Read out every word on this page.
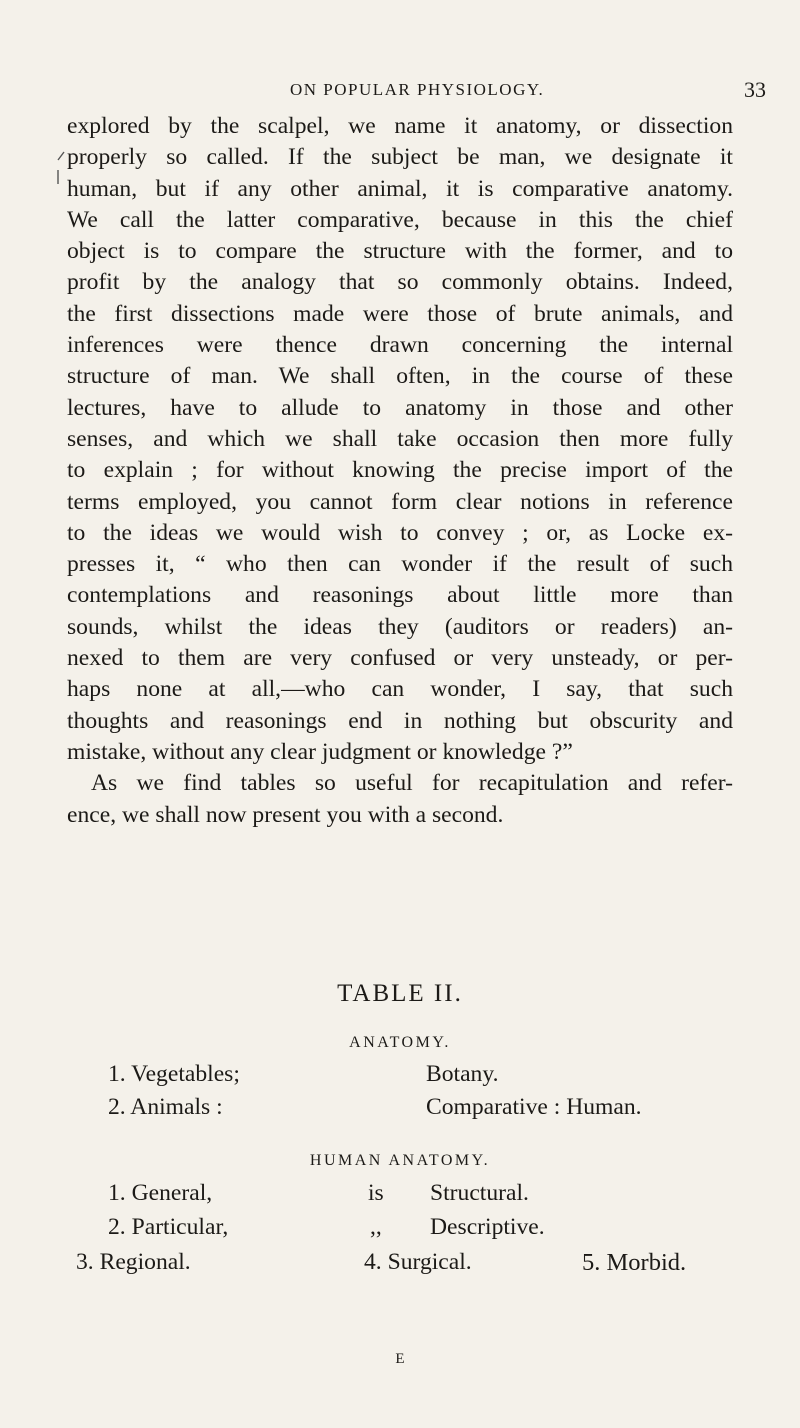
ON POPULAR PHYSIOLOGY.	33
explored by the scalpel, we name it anatomy, or dissection
properly so called. If the subject be man, we designate it
human, but if any other animal, it is comparative anatomy.
We call the latter comparative, because in this the chief
object is to compare the structure with the former, and to
profit by the analogy that so commonly obtains. Indeed,
the first dissections made were those of brute animals, and
inferences were thence drawn concerning the internal
structure of man. We shall often, in the course of these
lectures, have to allude to anatomy in those and other
senses, and which we shall take occasion then more fully
to explain ; for without knowing the precise import of the
terms employed, you cannot form clear notions in reference
to the ideas we would wish to convey ; or, as Locke ex-
presses it, “ who then can wonder if the result of such
contemplations and reasonings about little more than
sounds, whilst the ideas they (auditors or readers) an-
nexed to them are very confused or very unsteady, or per-
haps none at all,—who can wonder, I say, that such
thoughts and reasonings end in nothing but obscurity and
mistake, without any clear judgment or knowledge ?”
As we find tables so useful for recapitulation and refer-
ence, we shall now present you with a second.
TABLE II.
ANATOMY.
1. Vegetables;	Botany.
2. Animals :	Comparative : Human.
HUMAN ANATOMY.
1. General,	is Structural.
2. Particular,	,, Descriptive.
3. Regional.	4. Surgical.	5. Morbid.
E
